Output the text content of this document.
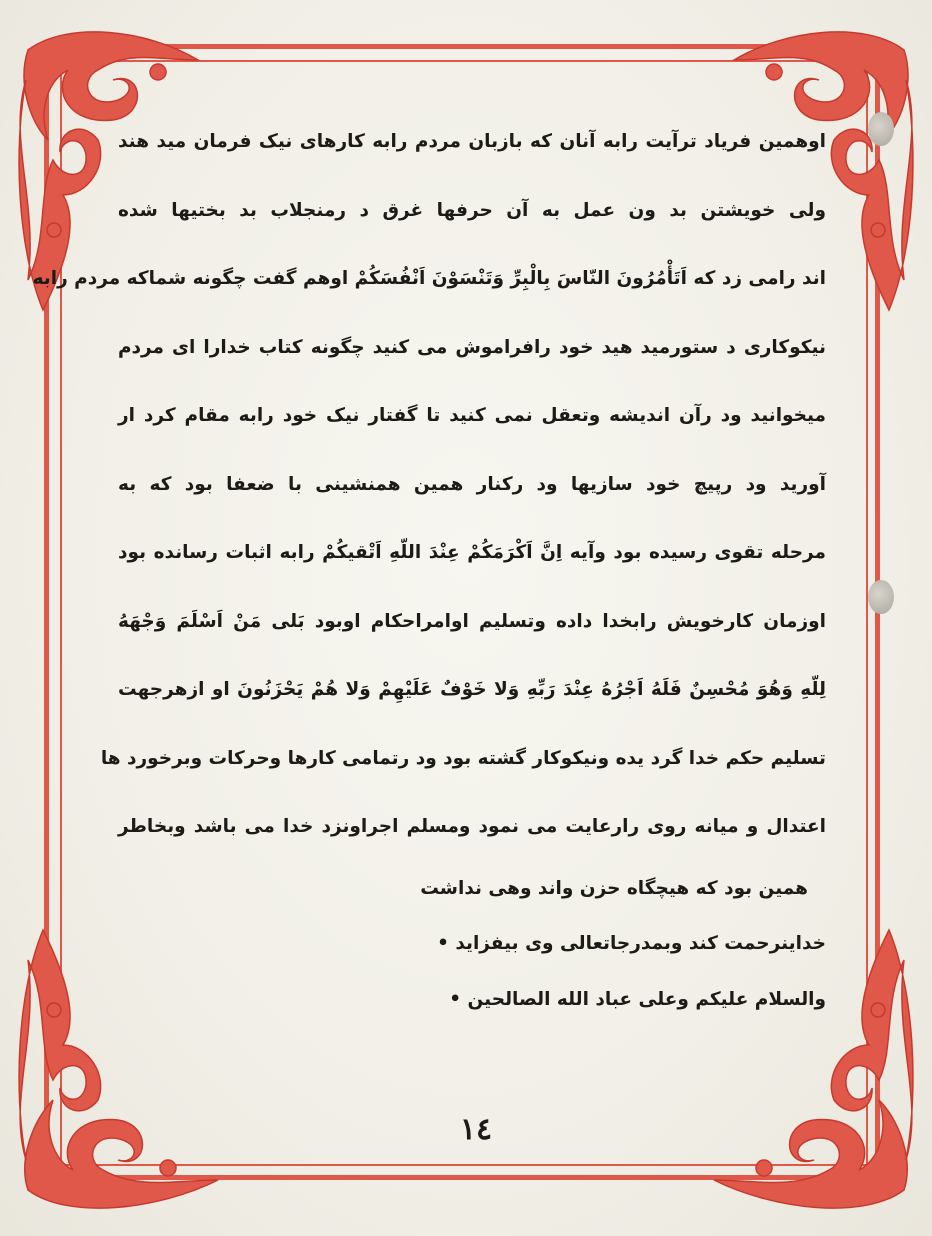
اوهمین فریاد ترآیت رابه آنان که بازبان مردم رابه کارهای نیک فرمان مید هند
ولی خویشتن بد ون عمل به آن حرفها غرق د رمنجلاب بد بختیها شده
اند رامی زد که اَتَأْمُرُونَ النّاسَ بِالْبِرِّ وَتَنْسَوْنَ اَنْفُسَكُمْ اوهم گفت چگونه شماکه مردم رابه
نیکوکاری د ستورمید هید خود رافراموش می کنید چگونه کتاب خدارا ای مردم
میخوانید ود رآن اندیشه وتعقل نمی کنید تا گفتار نیک خود رابه مقام کرد ار
آورید ود رپیچ خود سازیها ود رکنار همین همنشینی با ضعفا بود که به
مرحله تقوی رسیده بود وآیه اِنَّ اَکْرَمَکُمْ عِنْدَ اللّهِ اَتْقیکُمْ رابه اثبات رسانده بود
اوزمان کارخویش رابخدا داده وتسلیم اوامراحکام اوبود بَلی مَنْ اَسْلَمَ وَجْهَهُ
لِلّهِ وَهُوَ مُحْسِنٌ فَلَهُ اَجْرُهُ عِنْدَ رَبِّهِ وَلا خَوْفٌ عَلَیْهِمْ وَلا هُمْ یَحْزَنُونَ او ازهرجهت
تسلیم حکم خدا گرد یده ونیکوکار گشته بود ود رتمامی کارها وحرکات وبرخورد ها
اعتدال و میانه روی رارعایت می نمود ومسلم اجراونزد خدا می باشد وبخاطر
همین بود که هیچگاه حزن واند وهی نداشت
خداینرحمت کند وبمدرجاتعالی وی بیفزاید •
والسلام علیکم وعلی عباد الله الصالحین •
١٤
